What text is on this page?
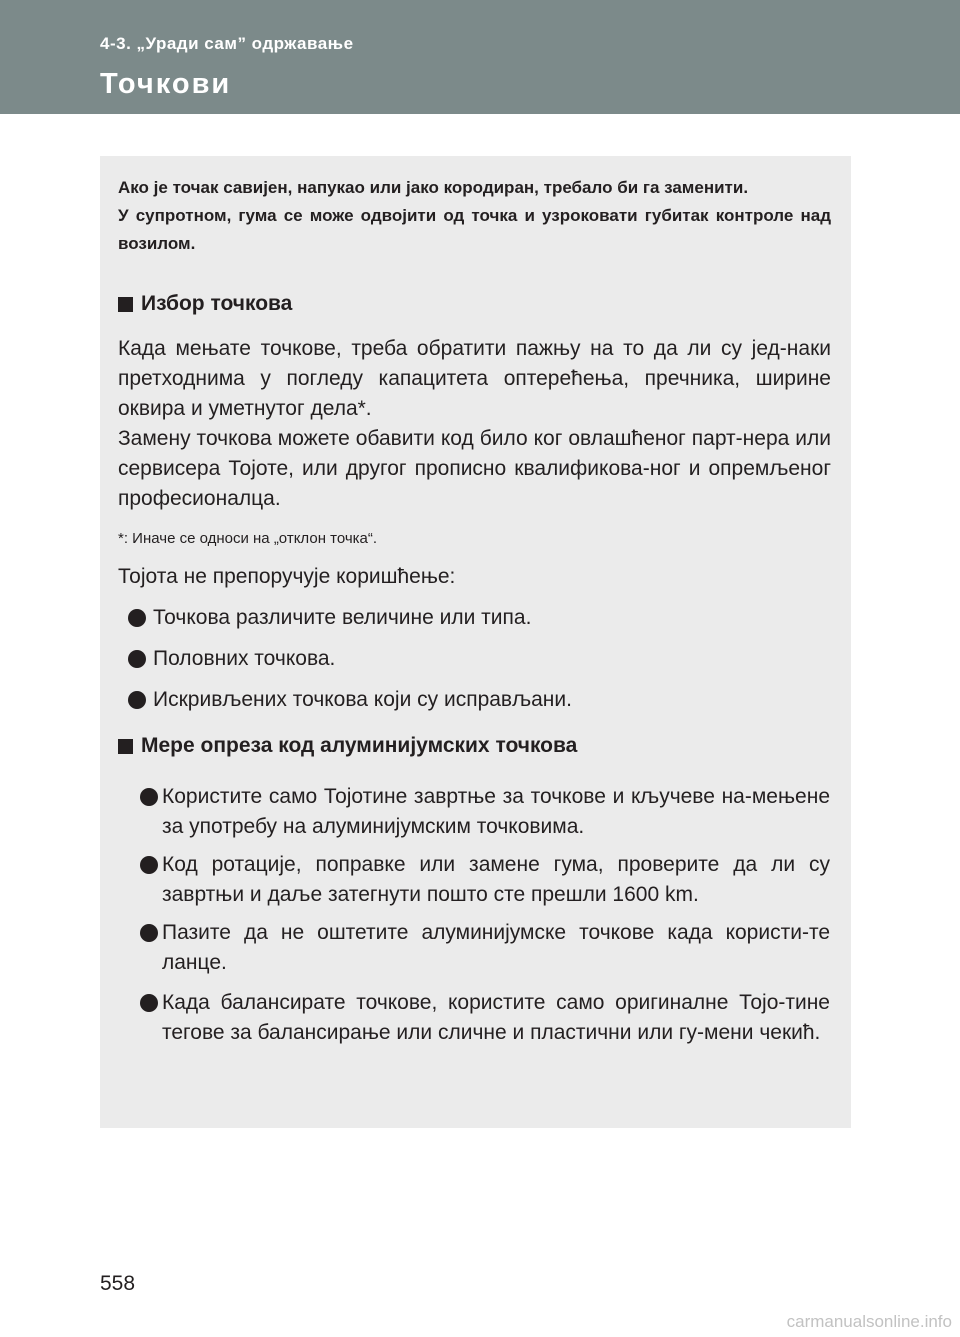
4-3. „Уради сам” одржавање
Точкови

Ако је точак савијен, напукао или јако кородиран, требало би га заменити.
У супротном, гума се може одвојити од точка и узроковати губитак контроле над возилом.

Избор точкова

Када мењате точкове, треба обратити пажњу на то да ли су јед-наки претходнима у погледу капацитета оптерећења, пречника, ширине оквира и уметнутог дела*.

Замену точкова можете обавити код било ког овлашћеног парт-нера или сервисера Тојоте, или другог прописно квалификова-ног и опремљеног професионалца.

*: Иначе се односи на „отклон точка“.

Тојота не препоручује коришћење:

Точкова различите величине или типа.
Половних точкова.
Искривљених точкова који су исправљани.
Мере опреза код алуминијумских точкова
Користите само Тојотине завртње за точкове и кључеве на-мењене за употребу на алуминијумским точковима.
Код ротације, поправке или замене гума, проверите да ли су завртњи и даље затегнути пошто сте прешли 1600 km.
Пазите да не оштетите алуминијумске точкове када користи-те ланце.
Када балансирате точкове, користите само оригиналне Тојо-тине тегове за балансирање или сличне и пластични или гу-мени чекић.
558
carmanualsonline.info
